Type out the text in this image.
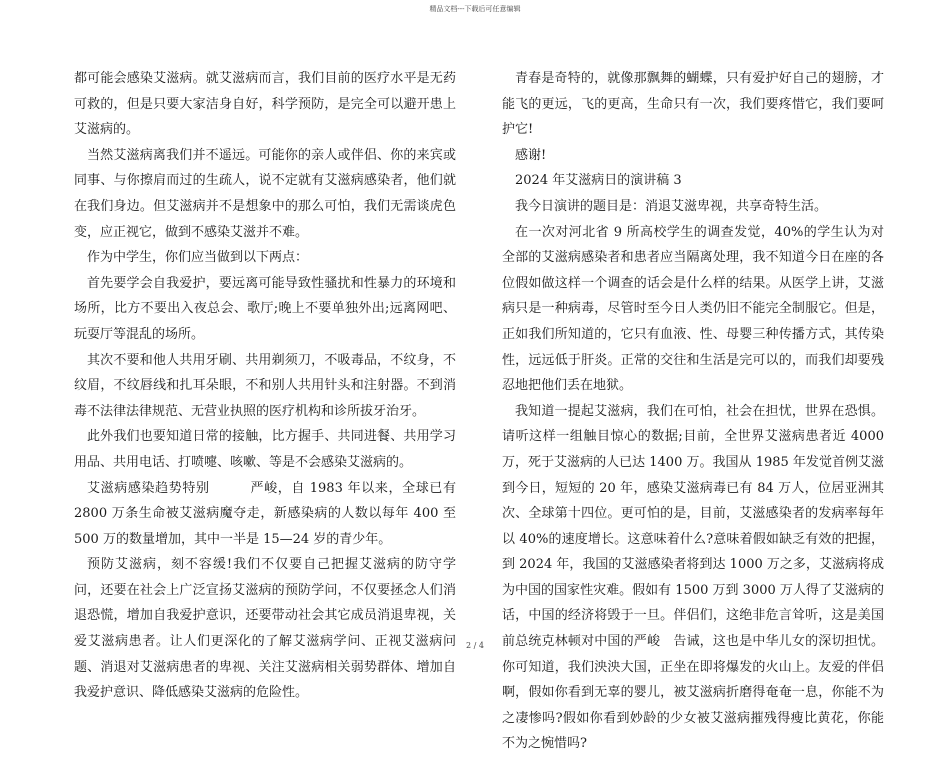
精品文档---下载后可任意编辑

都可能会感染艾滋病。就艾滋病而言，我们目前的医疗水平是无药可救的，但是只要大家洁身自好，科学预防，是完全可以避开患上艾滋病的。

当然艾滋病离我们并不遥远。可能你的亲人或伴侣、你的来宾或同事、与你擦肩而过的生疏人，说不定就有艾滋病感染者，他们就在我们身边。但艾滋病并不是想象中的那么可怕，我们无需谈虎色变，应正视它，做到不感染艾滋并不难。

作为中学生，你们应当做到以下两点：

首先要学会自我爱护，要远离可能导致性骚扰和性暴力的环境和场所，比方不要出入夜总会、歌厅;晚上不要单独外出;远离网吧、玩耍厅等混乱的场所。

其次不要和他人共用牙刷、共用剃须刀，不吸毒品，不纹身，不纹眉，不纹唇线和扎耳朵眼，不和别人共用针头和注射器。不到消毒不法律法律规范、无营业执照的医疗机构和诊所拔牙治牙。

此外我们也要知道日常的接触，比方握手、共同进餐、共用学习用品、共用电话、打喷嚏、咳嗽、等是不会感染艾滋病的。

艾滋病感染趋势特别　　　严峻，自 1983 年以来，全球已有 2800 万条生命被艾滋病魔夺走，新感染病的人数以每年 400 至 500 万的数量增加，其中一半是 15—24 岁的青少年。

预防艾滋病，刻不容缓!我们不仅要自己把握艾滋病的防守学问，还要在社会上广泛宣扬艾滋病的预防学问，不仅要拯念人们消退恐慌，增加自我爱护意识，还要带动社会其它成员消退卑视，关爱艾滋病患者。让人们更深化的了解艾滋病学问、正视艾滋病问题、消退对艾滋病患者的卑视、关注艾滋病相关弱势群体、增加自我爱护意识、降低感染艾滋病的危险性。

青春是奇特的，就像那飘舞的蝴蝶，只有爱护好自己的翅膀，才能飞的更远，飞的更高，生命只有一次，我们要疼惜它，我们要呵护它!

感谢!

2024 年艾滋病日的演讲稿 3

我今日演讲的题目是：消退艾滋卑视，共享奇特生活。

在一次对河北省 9 所高校学生的调查发觉，40%的学生认为对全部的艾滋病感染者和患者应当隔离处理，我不知道今日在座的各位假如做这样一个调查的话会是什么样的结果。从医学上讲，艾滋病只是一种病毒，尽管时至今日人类仍旧不能完全制服它。但是，正如我们所知道的，它只有血液、性、母婴三种传播方式，其传染性，远远低于肝炎。正常的交往和生活是完可以的，而我们却要残忍地把他们丢在地狱。

我知道一提起艾滋病，我们在可怕，社会在担忧，世界在恐惧。请听这样一组触目惊心的数据;目前，全世界艾滋病患者近 4000 万，死于艾滋病的人已达 1400 万。我国从 1985 年发觉首例艾滋到今日，短短的 20 年，感染艾滋病毒已有 84 万人，位居亚洲其次、全球第十四位。更可怕的是，目前，艾滋感染者的发病率每年以 40%的速度增长。这意味着什么?意味着假如缺乏有效的把握，到 2024 年，我国的艾滋感染者将到达 1000 万之多，艾滋病将成为中国的国家性灾难。假如有 1500 万到 3000 万人得了艾滋病的话，中国的经济将毁于一旦。伴侣们，这绝非危言耸听，这是美国前总统克林顿对中国的严峻　告诫，这也是中华儿女的深切担忧。你可知道，我们泱泱大国，正坐在即将爆发的火山上。友爱的伴侣啊，假如你看到无辜的婴儿，被艾滋病折磨得奄奄一息，你能不为之凄惨吗?假如你看到妙龄的少女被艾滋病摧残得瘦比黄花，你能不为之惋惜吗?

2 / 4
